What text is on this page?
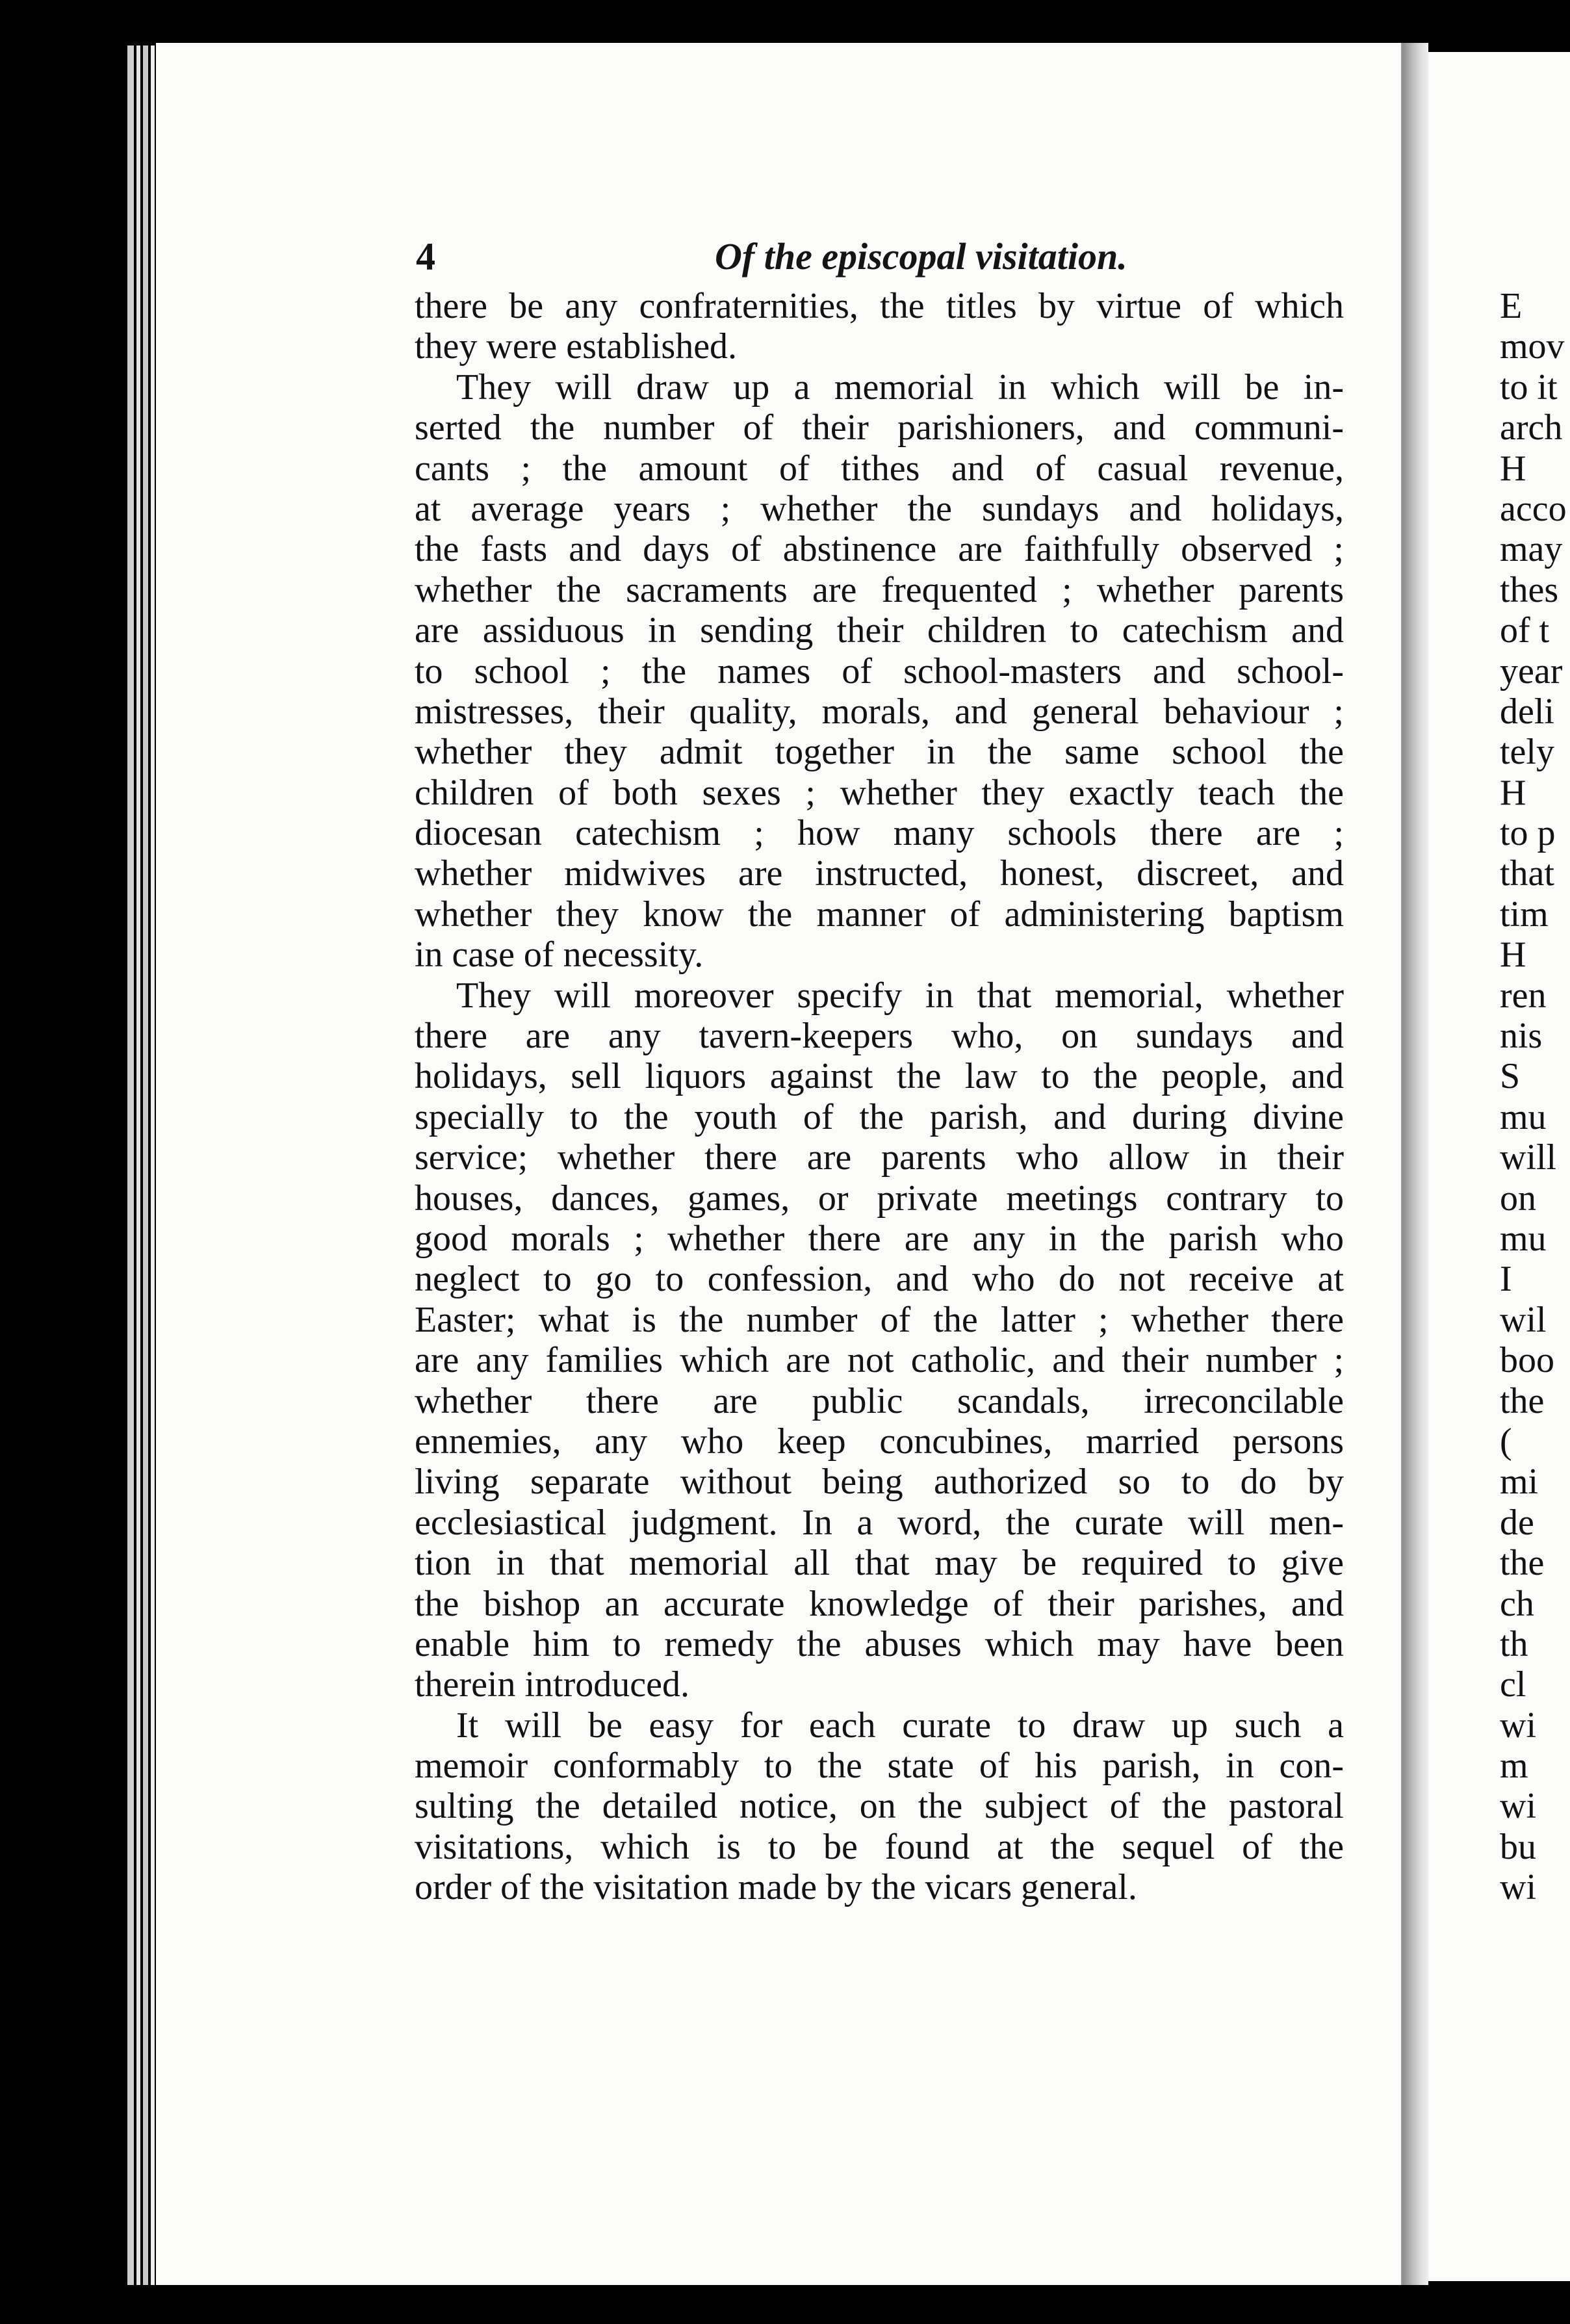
4	Of the episcopal visitation.
there be any confraternities, the titles by virtue of which
they were established.
They will draw up a memorial in which will be in-
serted the number of their parishioners, and communi-
cants ; the amount of tithes and of casual revenue,
at average years ; whether the sundays and holidays,
the fasts and days of abstinence are faithfully observed ;
whether the sacraments are frequented ; whether parents
are assiduous in sending their children to catechism and
to school ; the names of school-masters and school-
mistresses, their quality, morals, and general behaviour ;
whether they admit together in the same school the
children of both sexes ; whether they exactly teach the
diocesan catechism ; how many schools there are ;
whether midwives are instructed, honest, discreet, and
whether they know the manner of administering baptism
in case of necessity.
They will moreover specify in that memorial, whether
there are any tavern-keepers who, on sundays and
holidays, sell liquors against the law to the people, and
specially to the youth of the parish, and during divine
service; whether there are parents who allow in their
houses, dances, games, or private meetings contrary to
good morals ; whether there are any in the parish who
neglect to go to confession, and who do not receive at
Easter; what is the number of the latter ; whether there
are any families which are not catholic, and their number ;
whether there are public scandals, irreconcilable
ennemies, any who keep concubines, married persons
living separate without being authorized so to do by
ecclesiastical judgment. In a word, the curate will men-
tion in that memorial all that may be required to give
the bishop an accurate knowledge of their parishes, and
enable him to remedy the abuses which may have been
therein introduced.
It will be easy for each curate to draw up such a
memoir conformably to the state of his parish, in con-
sulting the detailed notice, on the subject of the pastoral
visitations, which is to be found at the sequel of the
order of the visitation made by the vicars general.
E
mov
to it
arch
H
acco
may
thes
of t
year
deli
tely
H
to p
that
tim
H
ren
nis
S
mu
will
on
mu
I
wil
boo
the
(
mi
de
the
ch
th
cl
wi
m
wi
bu
wi
